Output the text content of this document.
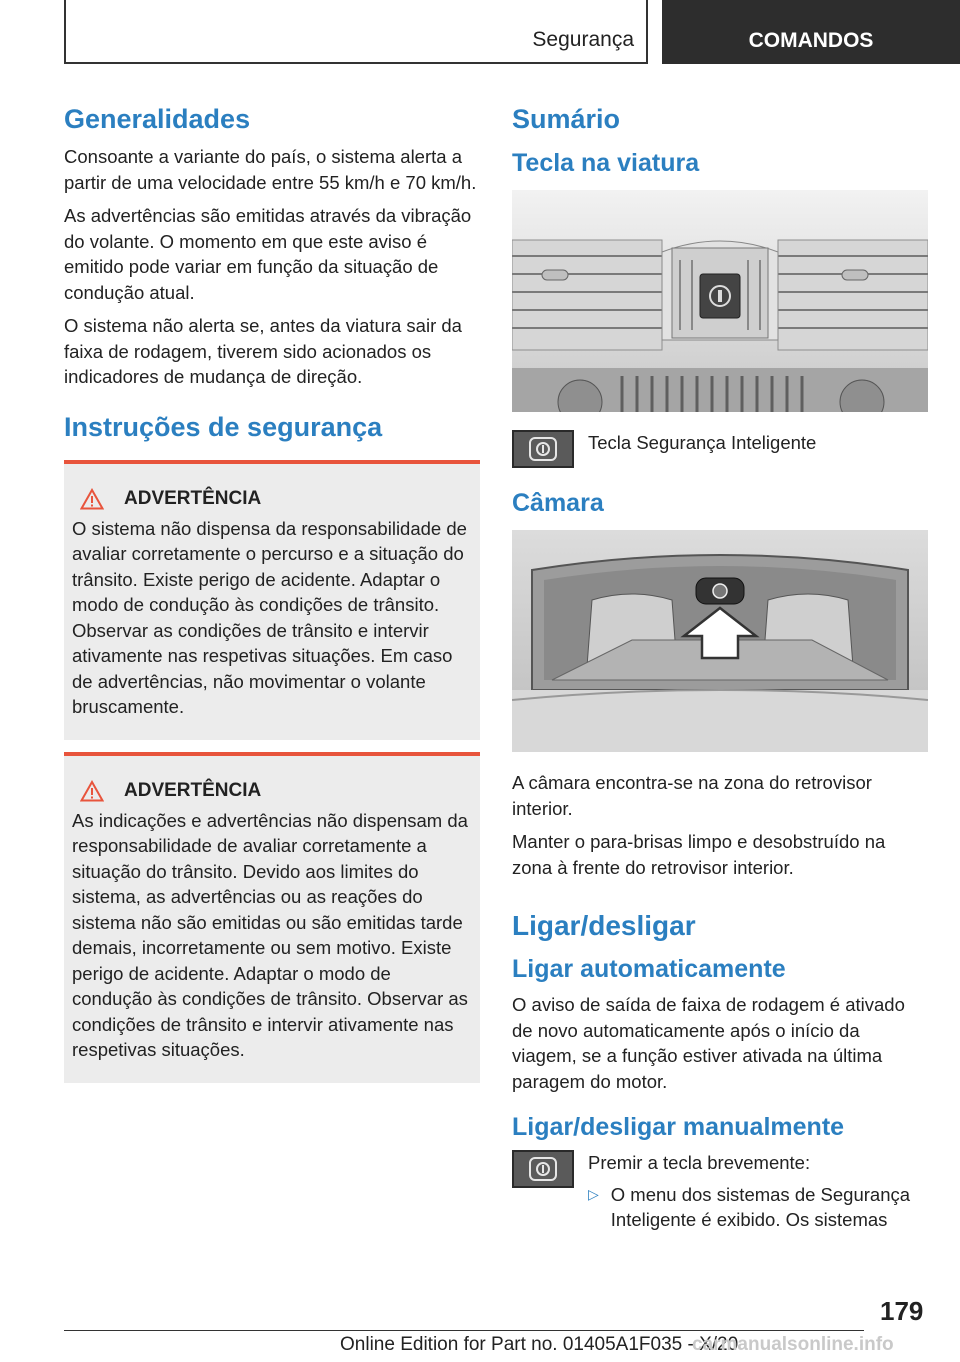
Segurança	COMANDOS
Generalidades

Consoante a variante do país, o sistema alerta a partir de uma velocidade entre 55 km/h e 70 km/h.

As advertências são emitidas através da vibração do volante. O momento em que este aviso é emitido pode variar em função da situação de condução atual.

O sistema não alerta se, antes da viatura sair da faixa de rodagem, tiverem sido acionados os indicadores de mudança de direção.

Instruções de segurança
ADVERTÊNCIA

O sistema não dispensa da responsabilidade de avaliar corretamente o percurso e a situação do trânsito. Existe perigo de acidente. Adaptar o modo de condução às condições de trânsito. Observar as condições de trânsito e intervir ativamente nas respetivas situações. Em caso de advertências, não movimentar o volante bruscamente.

ADVERTÊNCIA

As indicações e advertências não dispensam da responsabilidade de avaliar corretamente a situação do trânsito. Devido aos limites do sistema, as advertências ou as reações do sistema não são emitidas ou são emitidas tarde demais, incorretamente ou sem motivo. Existe perigo de acidente. Adaptar o modo de condução às condições de trânsito. Observar as condições de trânsito e intervir ativamente nas respetivas situações.

Sumário
Tecla na viatura
Tecla Segurança Inteligente
Câmara

A câmara encontra-se na zona do retrovisor interior.

Manter o para-brisas limpo e desobstruído na zona à frente do retrovisor interior.

Ligar/desligar
Ligar automaticamente

O aviso de saída de faixa de rodagem é ativado de novo automaticamente após o início da viagem, se a função estiver ativada na última paragem do motor.

Ligar/desligar manualmente
Premir a tecla brevemente:
▷ O menu dos sistemas de Segurança Inteligente é exibido. Os sistemas
179
Online Edition for Part no. 01405A1F035 - X/20
carmanualsonline.info
